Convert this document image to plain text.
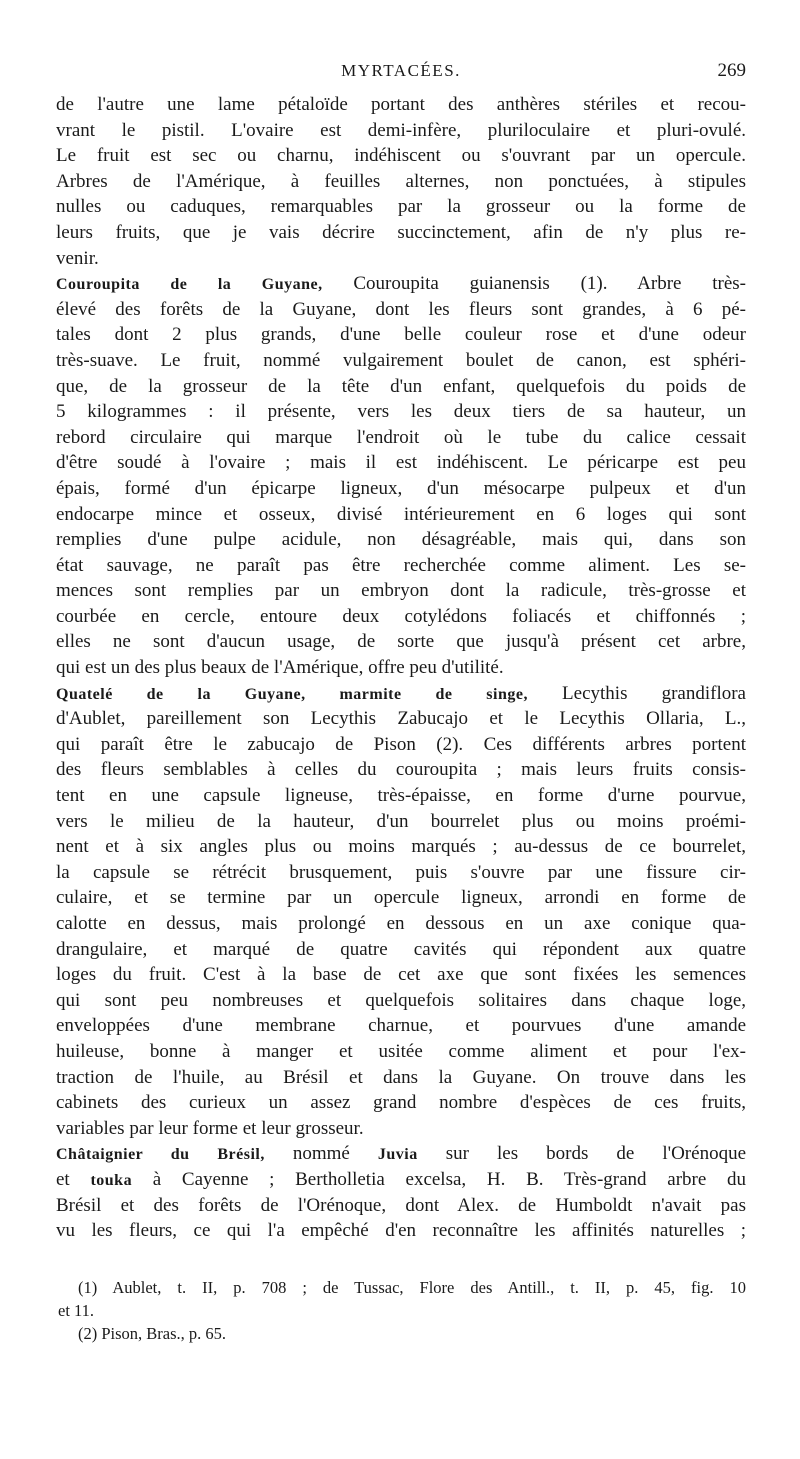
MYRTACÉES.	269
de l'autre une lame pétaloïde portant des anthères stériles et recou-
vrant le pistil. L'ovaire est demi-infère, pluriloculaire et pluri-ovulé.
Le fruit est sec ou charnu, indéhiscent ou s'ouvrant par un opercule.
Arbres de l'Amérique, à feuilles alternes, non ponctuées, à stipules
nulles ou caduques, remarquables par la grosseur ou la forme de
leurs fruits, que je vais décrire succinctement, afin de n'y plus re-
venir.
Couroupita de la Guyane, Couroupita guianensis (1). Arbre très-
élevé des forêts de la Guyane, dont les fleurs sont grandes, à 6 pé-
tales dont 2 plus grands, d'une belle couleur rose et d'une odeur
très-suave. Le fruit, nommé vulgairement boulet de canon, est sphéri-
que, de la grosseur de la tête d'un enfant, quelquefois du poids de
5 kilogrammes : il présente, vers les deux tiers de sa hauteur, un
rebord circulaire qui marque l'endroit où le tube du calice cessait
d'être soudé à l'ovaire ; mais il est indéhiscent. Le péricarpe est peu
épais, formé d'un épicarpe ligneux, d'un mésocarpe pulpeux et d'un
endocarpe mince et osseux, divisé intérieurement en 6 loges qui sont
remplies d'une pulpe acidule, non désagréable, mais qui, dans son
état sauvage, ne paraît pas être recherchée comme aliment. Les se-
mences sont remplies par un embryon dont la radicule, très-grosse et
courbée en cercle, entoure deux cotylédons foliacés et chiffonnés ;
elles ne sont d'aucun usage, de sorte que jusqu'à présent cet arbre,
qui est un des plus beaux de l'Amérique, offre peu d'utilité.
Quatelé de la Guyane, marmite de singe, Lecythis grandiflora
d'Aublet, pareillement son Lecythis Zabucajo et le Lecythis Ollaria, L.,
qui paraît être le zabucajo de Pison (2). Ces différents arbres portent
des fleurs semblables à celles du couroupita ; mais leurs fruits consis-
tent en une capsule ligneuse, très-épaisse, en forme d'urne pourvue,
vers le milieu de la hauteur, d'un bourrelet plus ou moins proémi-
nent et à six angles plus ou moins marqués ; au-dessus de ce bourrelet,
la capsule se rétrécit brusquement, puis s'ouvre par une fissure cir-
culaire, et se termine par un opercule ligneux, arrondi en forme de
calotte en dessus, mais prolongé en dessous en un axe conique qua-
drangulaire, et marqué de quatre cavités qui répondent aux quatre
loges du fruit. C'est à la base de cet axe que sont fixées les semences
qui sont peu nombreuses et quelquefois solitaires dans chaque loge,
enveloppées d'une membrane charnue, et pourvues d'une amande
huileuse, bonne à manger et usitée comme aliment et pour l'ex-
traction de l'huile, au Brésil et dans la Guyane. On trouve dans les
cabinets des curieux un assez grand nombre d'espèces de ces fruits,
variables par leur forme et leur grosseur.
Châtaignier du Brésil, nommé Juvia sur les bords de l'Orénoque
et touka à Cayenne ; Bertholletia excelsa, H. B. Très-grand arbre du
Brésil et des forêts de l'Orénoque, dont Alex. de Humboldt n'avait pas
vu les fleurs, ce qui l'a empêché d'en reconnaître les affinités naturelles ;
(1) Aublet, t. II, p. 708 ; de Tussac, Flore des Antill., t. II, p. 45, fig. 10
et 11.
(2) Pison, Bras., p. 65.
